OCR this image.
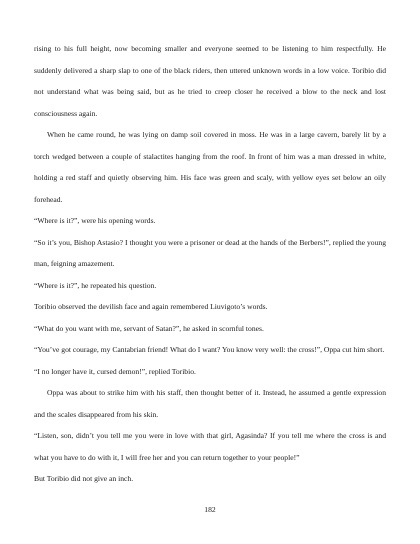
rising to his full height, now becoming smaller and everyone seemed to be listening to him respectfully. He suddenly delivered a sharp slap to one of the black riders, then uttered unknown words in a low voice. Toribio did not understand what was being said, but as he tried to creep closer he received a blow to the neck and lost consciousness again.

When he came round, he was lying on damp soil covered in moss. He was in a large cavern, barely lit by a torch wedged between a couple of stalactites hanging from the roof. In front of him was a man dressed in white, holding a red staff and quietly observing him. His face was green and scaly, with yellow eyes set below an oily forehead.

“Where is it?”, were his opening words.

“So it’s you, Bishop Astasio? I thought you were a prisoner or dead at the hands of the Berbers!”, replied the young man, feigning amazement.

“Where is it?”, he repeated his question.

Toribio observed the devilish face and again remembered Liuvigoto’s words.

“What do you want with me, servant of Satan?”, he asked in scornful tones.

“You’ve got courage, my Cantabrian friend! What do I want? You know very well: the cross!”, Oppa cut him short.

“I no longer have it, cursed demon!”, replied Toribio.

Oppa was about to strike him with his staff, then thought better of it. Instead, he assumed a gentle expression and the scales disappeared from his skin.

“Listen, son, didn’t you tell me you were in love with that girl, Agasinda? If you tell me where the cross is and what you have to do with it, I will free her and you can return together to your people!”

But Toribio did not give an inch.

182
